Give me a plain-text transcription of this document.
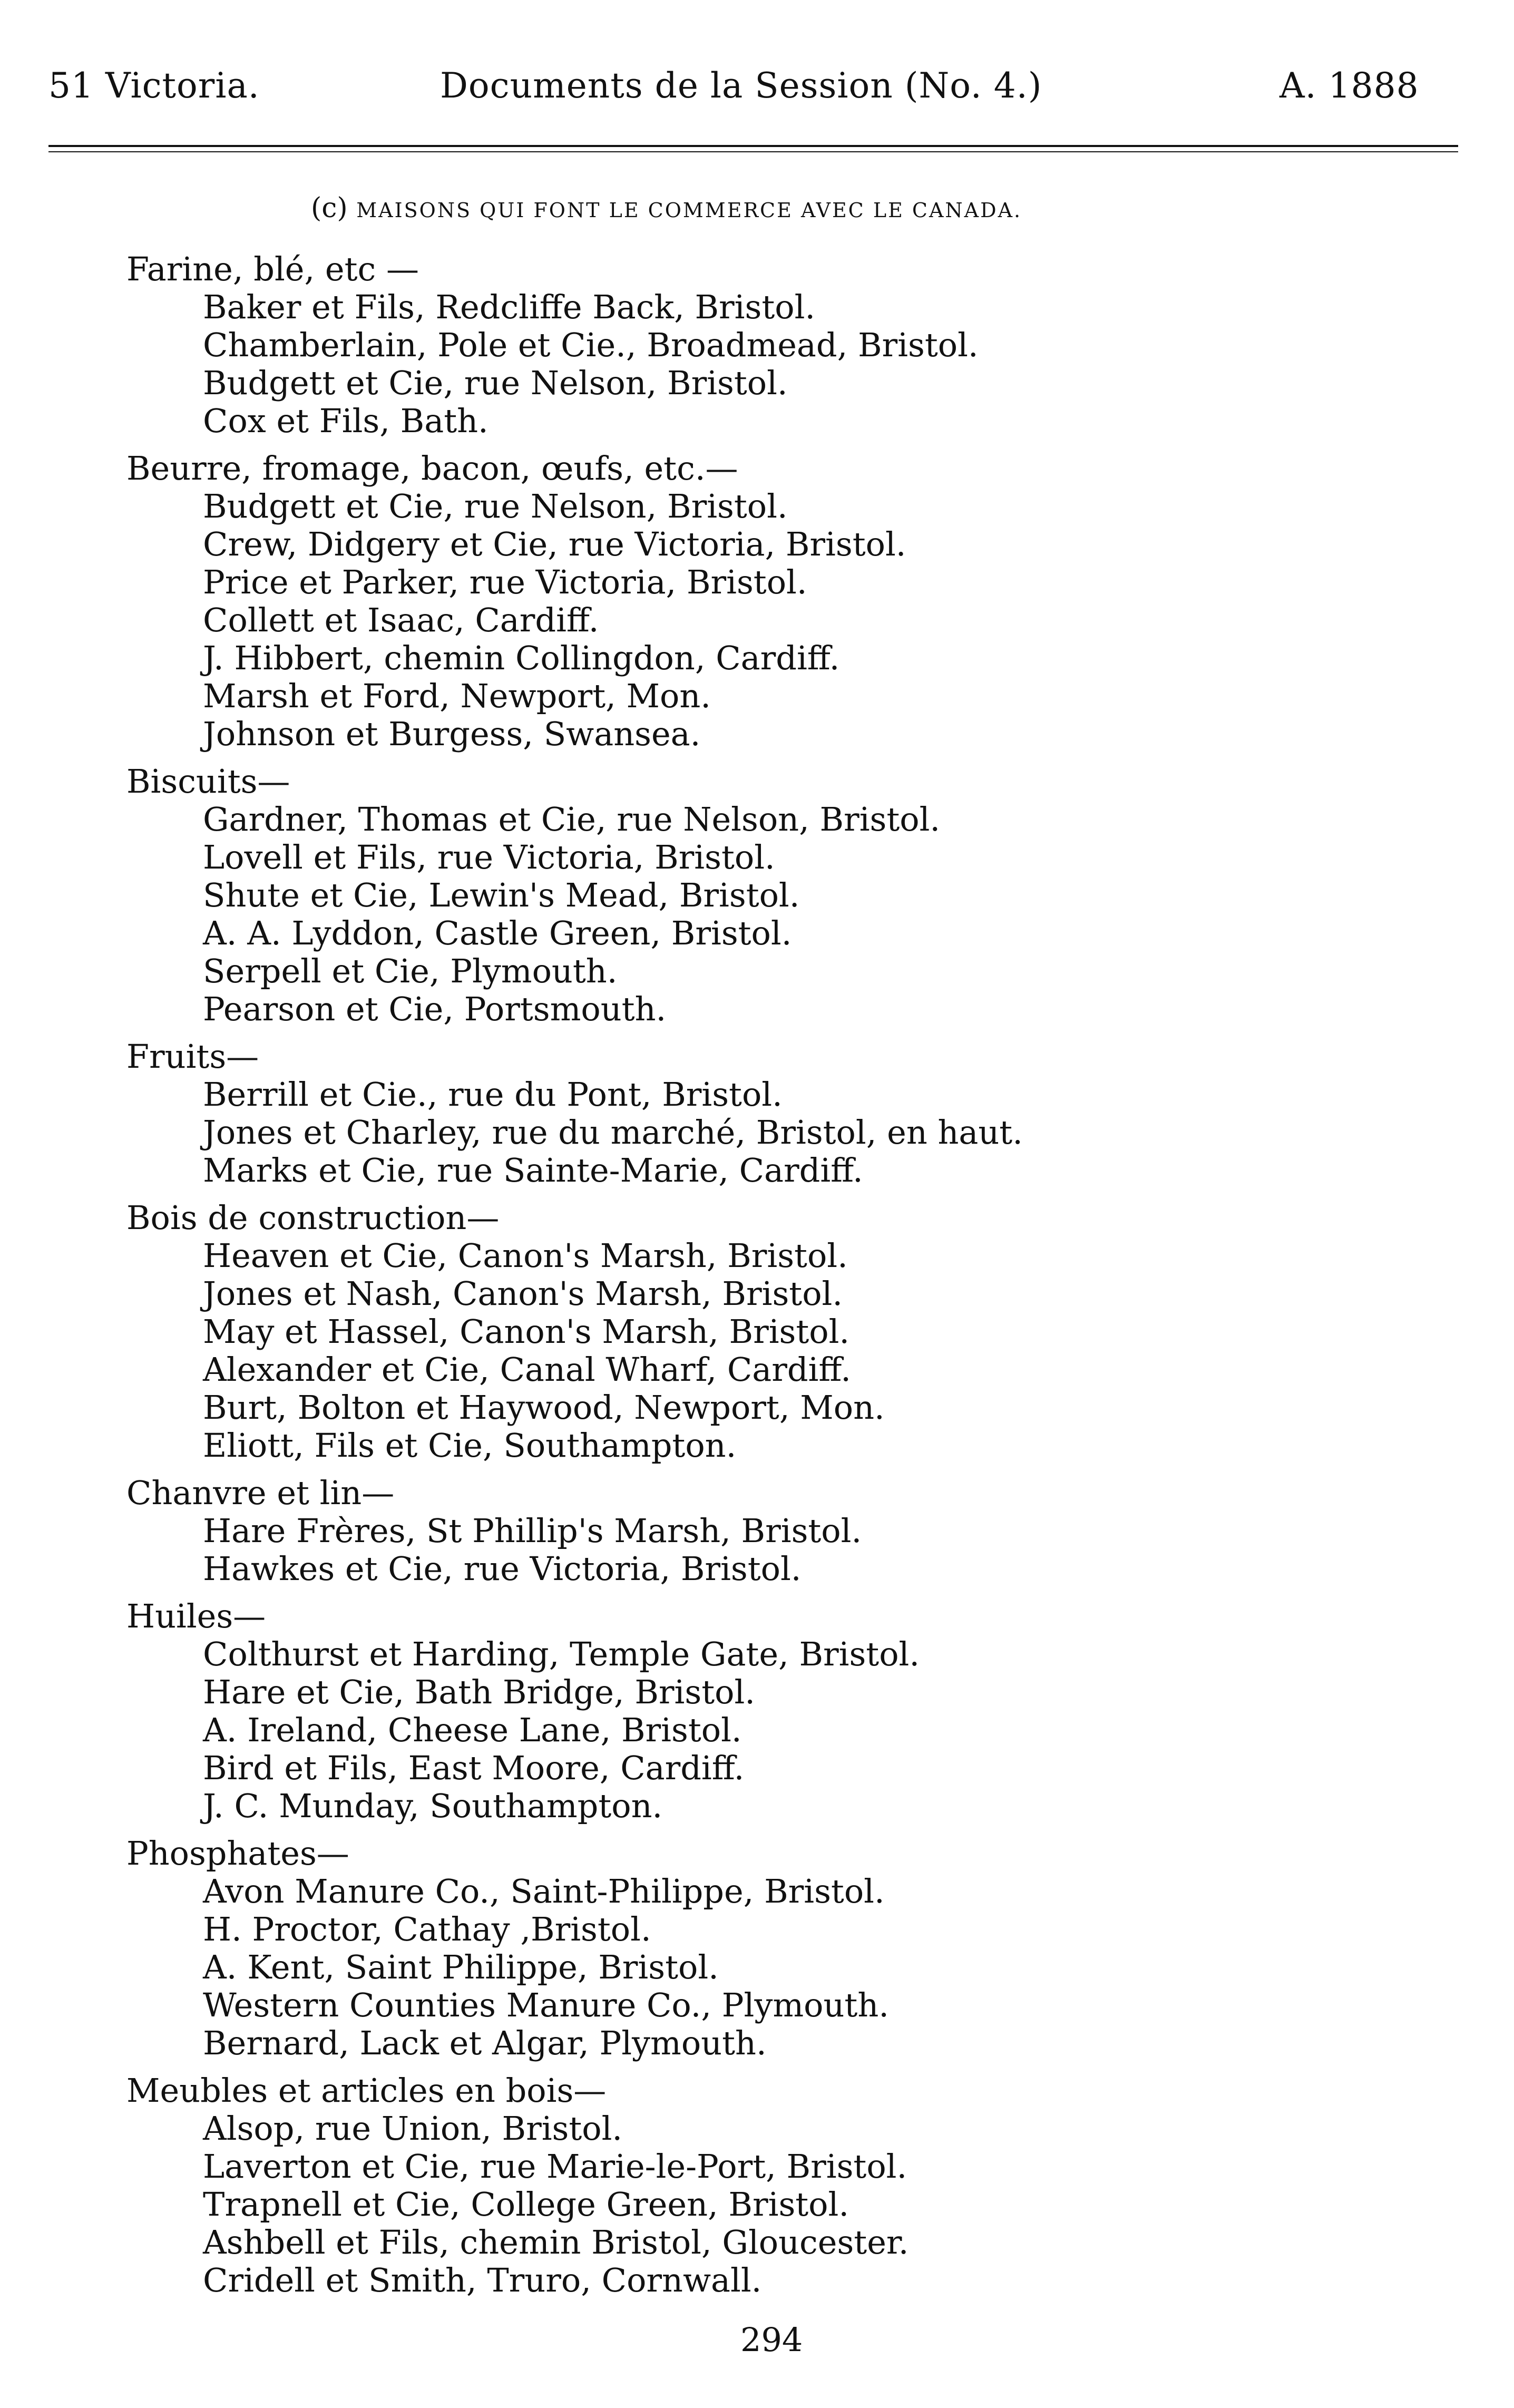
51 Victoria.	Documents de la Session (No. 4.)	A. 1888
(c) MAISONS QUI FONT LE COMMERCE AVEC LE CANADA.
Farine, blé, etc —
Baker et Fils, Redcliffe Back, Bristol.
Chamberlain, Pole et Cie., Broadmead, Bristol.
Budgett et Cie, rue Nelson, Bristol.
Cox et Fils, Bath.
Beurre, fromage, bacon, œufs, etc.—
Budgett et Cie, rue Nelson, Bristol.
Crew, Didgery et Cie, rue Victoria, Bristol.
Price et Parker, rue Victoria, Bristol.
Collett et Isaac, Cardiff.
J. Hibbert, chemin Collingdon, Cardiff.
Marsh et Ford, Newport, Mon.
Johnson et Burgess, Swansea.
Biscuits—
Gardner, Thomas et Cie, rue Nelson, Bristol.
Lovell et Fils, rue Victoria, Bristol.
Shute et Cie, Lewin's Mead, Bristol.
A. A. Lyddon, Castle Green, Bristol.
Serpell et Cie, Plymouth.
Pearson et Cie, Portsmouth.
Fruits—
Berrill et Cie., rue du Pont, Bristol.
Jones et Charley, rue du marché, Bristol, en haut.
Marks et Cie, rue Sainte-Marie, Cardiff.
Bois de construction—
Heaven et Cie, Canon's Marsh, Bristol.
Jones et Nash, Canon's Marsh, Bristol.
May et Hassel, Canon's Marsh, Bristol.
Alexander et Cie, Canal Wharf, Cardiff.
Burt, Bolton et Haywood, Newport, Mon.
Eliott, Fils et Cie, Southampton.
Chanvre et lin—
Hare Frères, St Phillip's Marsh, Bristol.
Hawkes et Cie, rue Victoria, Bristol.
Huiles—
Colthurst et Harding, Temple Gate, Bristol.
Hare et Cie, Bath Bridge, Bristol.
A. Ireland, Cheese Lane, Bristol.
Bird et Fils, East Moore, Cardiff.
J. C. Munday, Southampton.
Phosphates—
Avon Manure Co., Saint-Philippe, Bristol.
H. Proctor, Cathay ,Bristol.
A. Kent, Saint Philippe, Bristol.
Western Counties Manure Co., Plymouth.
Bernard, Lack et Algar, Plymouth.
Meubles et articles en bois—
Alsop, rue Union, Bristol.
Laverton et Cie, rue Marie-le-Port, Bristol.
Trapnell et Cie, College Green, Bristol.
Ashbell et Fils, chemin Bristol, Gloucester.
Cridell et Smith, Truro, Cornwall.
294
